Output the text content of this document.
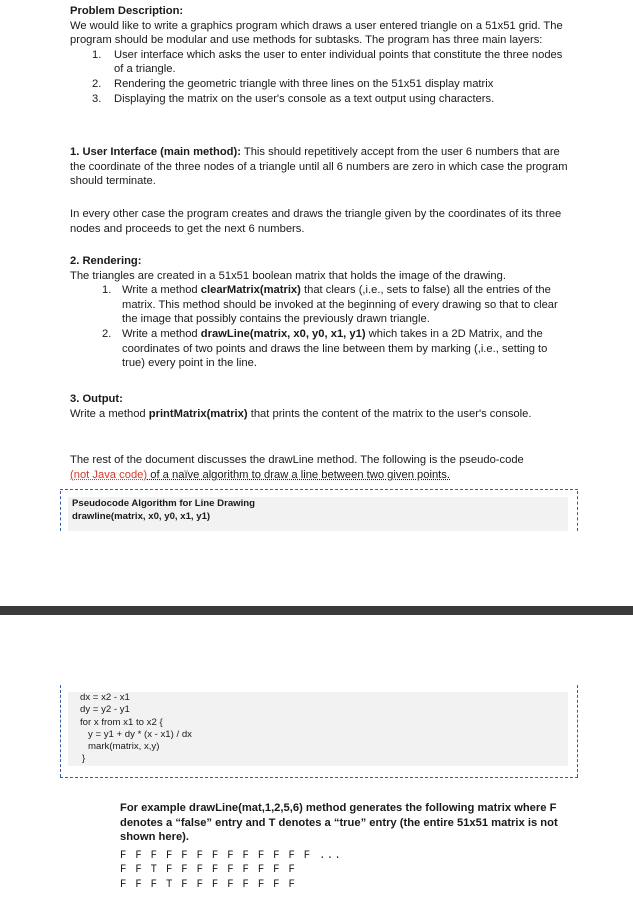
Problem Description:

We would like to write a graphics program which draws a user entered triangle on a 51x51 grid. The program should be modular and use methods for subtasks. The program has three main layers:

1. User interface which asks the user to enter individual points that constitute the three nodes of a triangle.
2. Rendering the geometric triangle with three lines on the 51x51 display matrix
3. Displaying the matrix on the user's console as a text output using characters.

1. User Interface (main method): This should repetitively accept from the user 6 numbers that are the coordinate of the three nodes of a triangle until all 6 numbers are zero in which case the program should terminate.

In every other case the program creates and draws the triangle given by the coordinates of its three nodes and proceeds to get the next 6 numbers.

2. Rendering:

The triangles are created in a 51x51 boolean matrix that holds the image of the drawing.

1. Write a method clearMatrix(matrix) that clears (,i.e., sets to false) all the entries of the matrix. This method should be invoked at the beginning of every drawing so that to clear the image that possibly contains the previously drawn triangle.
2. Write a method drawLine(matrix, x0, y0, x1, y1) which takes in a 2D Matrix, and the coordinates of two points and draws the line between them by marking (,i.e., setting to true) every point in the line.

3. Output:

Write a method printMatrix(matrix) that prints the content of the matrix to the user's console.

The rest of the document discusses the drawLine method. The following is the pseudo-code

(not Java code) of a naïve algorithm to draw a line between two given points.

Pseudocode Algorithm for Line Drawing

drawline(matrix, x0, y0, x1, y1)

dx = x2 - x1

dy = y2 - y1

for x from x1 to x2 {

y = y1 + dy * (x - x1) / dx

mark(matrix, x,y)

}

For example drawLine(mat,1,2,5,6) method generates the following matrix where F denotes a “false” entry and T denotes a “true” entry (the entire 51x51 matrix is not shown here).

F F F F F F F F F F F F F ...

F F T F F F F F F F F F

F F F T F F F F F F F F
